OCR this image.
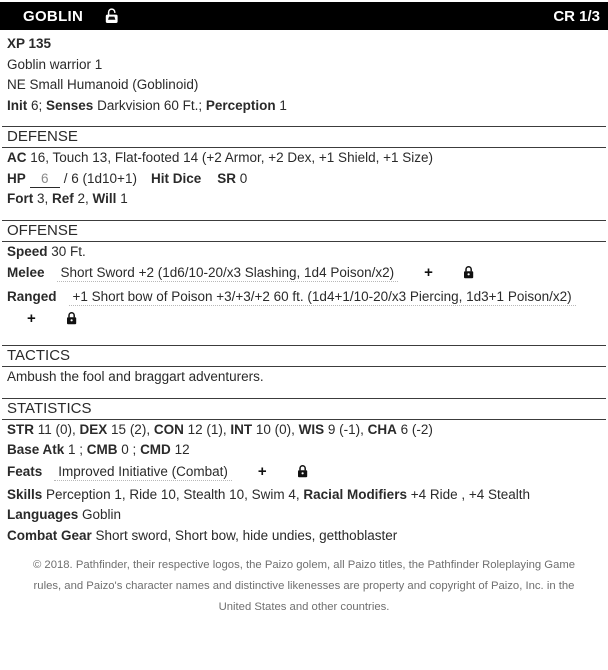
GOBLIN	CR 1/3
XP 135
Goblin warrior 1
NE Small Humanoid (Goblinoid)
Init 6; Senses Darkvision 60 Ft.; Perception 1
DEFENSE
AC 16, Touch 13, Flat-footed 14 (+2 Armor, +2 Dex, +1 Shield, +1 Size)
HP6	/ 6 (1d10+1) Hit Dice SR 0
Fort 3, Ref 2, Will 1
OFFENSE
Speed 30 Ft.
Melee Short Sword +2 (1d6/10-20/x3 Slashing, 1d4 Poison/x2) +
Ranged +1 Short bow of Poison +3/+3/+2 60 ft. (1d4+1/10-20/x3 Piercing, 1d3+1 Poison/x2)
+
TACTICS
Ambush the fool and braggart adventurers.
STATISTICS
STR 11 (0), DEX 15 (2), CON 12 (1), INT 10 (0), WIS 9 (-1), CHA 6 (-2)
Base Atk 1 ; CMB 0 ; CMD 12
Feats Improved Initiative (Combat) +
Skills Perception 1, Ride 10, Stealth 10, Swim 4, Racial Modifiers +4 Ride , +4 Stealth
Languages Goblin
Combat Gear Short sword, Short bow, hide undies, getthoblaster
© 2018. Pathfinder, their respective logos, the Paizo golem, all Paizo titles, the Pathfinder Roleplaying Game rules, and Paizo's character names and distinctive likenesses are property and copyright of Paizo, Inc. in the United States and other countries.
